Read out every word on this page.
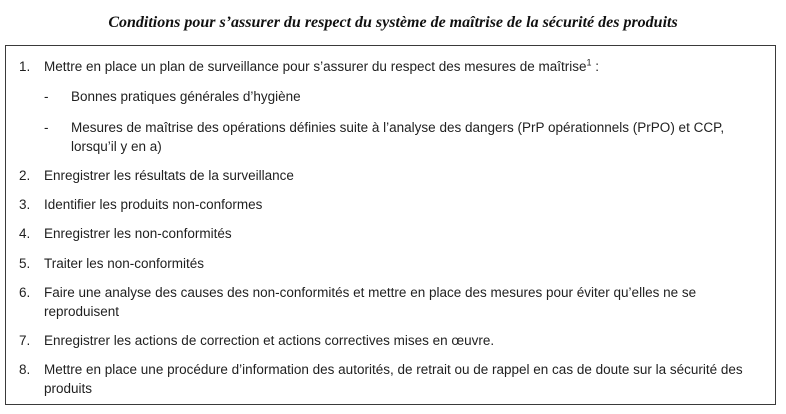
Conditions pour s’assurer du respect du système de maîtrise de la sécurité des produits
1. Mettre en place un plan de surveillance pour s’assurer du respect des mesures de maîtrise$^1$ :
- Bonnes pratiques générales d’hygiène
- Mesures de maîtrise des opérations définies suite à l’analyse des dangers (PrP opérationnels (PrPO) et CCP, lorsqu’il y en a)
2. Enregistrer les résultats de la surveillance
3. Identifier les produits non-conformes
4. Enregistrer les non-conformités
5. Traiter les non-conformités
6. Faire une analyse des causes des non-conformités et mettre en place des mesures pour éviter qu’elles ne se reproduisent
7. Enregistrer les actions de correction et actions correctives mises en œuvre.
8. Mettre en place une procédure d’information des autorités, de retrait ou de rappel en cas de doute sur la sécurité des produits
